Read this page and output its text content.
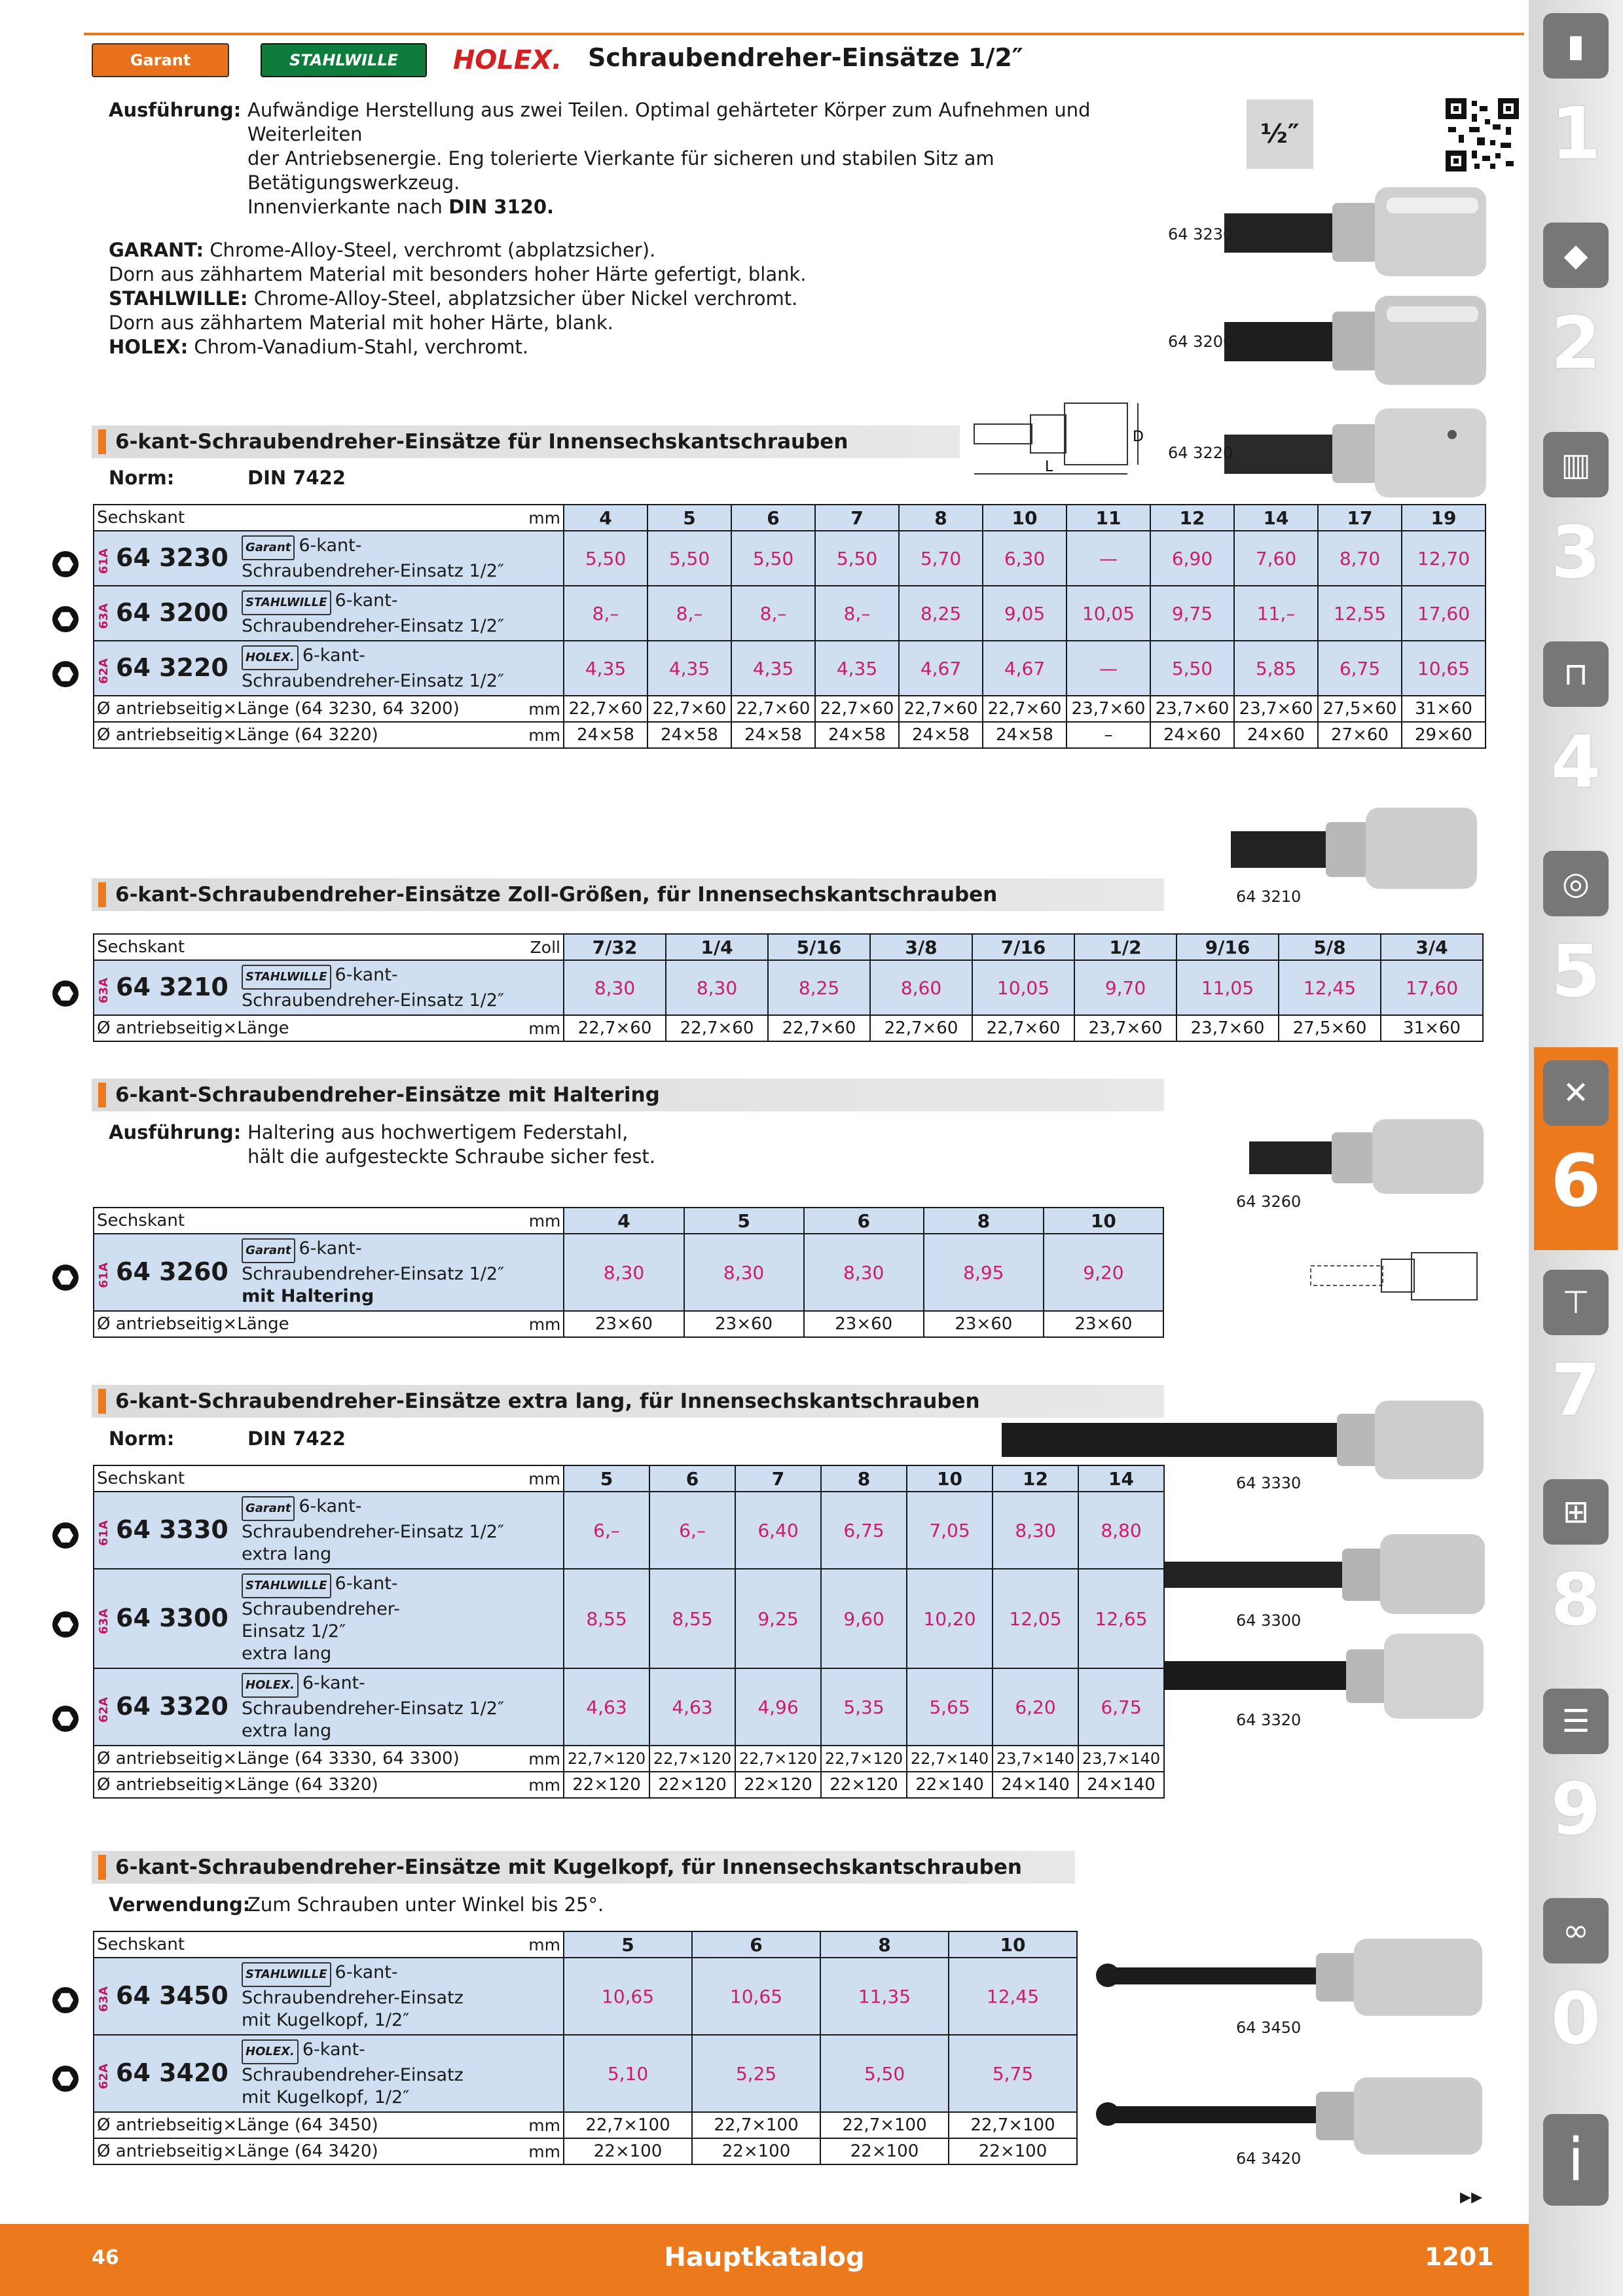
Garant	STAHLWILLE	HOLEX. Schraubendreher-Einsätze 1/2″
Ausführung: Aufwändige Herstellung aus zwei Teilen. Optimal gehärteter Körper zum Aufnehmen und Weiterleiten
der Antriebsenergie. Eng tolerierte Vierkante für sicheren und stabilen Sitz am Betätigungswerkzeug.
Innenvierkante nach DIN 3120.
½″
GARANT: Chrome-Alloy-Steel, verchromt (abplatzsicher).
Dorn aus zähhartem Material mit besonders hoher Härte gefertigt, blank.
STAHLWILLE: Chrome-Alloy-Steel, abplatzsicher über Nickel verchromt.
Dorn aus zähhartem Material mit hoher Härte, blank.
HOLEX: Chrom-Vanadium-Stahl, verchromt.
64 3230
64 3200
64 3220
D
L
6-kant-Schraubendreher-Einsätze für Innensechskantschrauben
Norm:	DIN 7422
Sechskant	mm	4	5	6	7	8	10	11	12	14	17	19
61A 64 3230	Garant 6-kant-
Schraubendreher-Einsatz 1/2″	5,50	5,50	5,50	5,50	5,70	6,30	—	6,90	7,60	8,70	12,70
63A 64 3200	STAHLWILLE 6-kant-
Schraubendreher-Einsatz 1/2″	8,–	8,–	8,–	8,–	8,25	9,05	10,05	9,75	11,–	12,55	17,60
62A 64 3220	HOLEX. 6-kant-
Schraubendreher-Einsatz 1/2″	4,35	4,35	4,35	4,35	4,67	4,67	—	5,50	5,85	6,75	10,65
Ø antriebseitig×Länge (64 3230, 64 3200)	mm	22,7×60	22,7×60	22,7×60	22,7×60	22,7×60	22,7×60	23,7×60	23,7×60	23,7×60	27,5×60	31×60
Ø antriebseitig×Länge (64 3220)	mm	24×58	24×58	24×58	24×58	24×58	24×58	–	24×60	24×60	27×60	29×60
64 3210
6-kant-Schraubendreher-Einsätze Zoll-Größen, für Innensechskantschrauben
Sechskant	Zoll	7/32	1/4	5/16	3/8	7/16	1/2	9/16	5/8	3/4
63A 64 3210	STAHLWILLE 6-kant-
Schraubendreher-Einsatz 1/2″	8,30	8,30	8,25	8,60	10,05	9,70	11,05	12,45	17,60
Ø antriebseitig×Länge	mm	22,7×60	22,7×60	22,7×60	22,7×60	22,7×60	23,7×60	23,7×60	27,5×60	31×60
6-kant-Schraubendreher-Einsätze mit Haltering
Ausführung: Haltering aus hochwertigem Federstahl,
hält die aufgesteckte Schraube sicher fest.
64 3260
Sechskant	mm	4	5	6	8	10
61A 64 3260	Garant 6-kant-
Schraubendreher-Einsatz 1/2″
mit Haltering	8,30	8,30	8,30	8,95	9,20
Ø antriebseitig×Länge	mm	23×60	23×60	23×60	23×60	23×60
6-kant-Schraubendreher-Einsätze extra lang, für Innensechskantschrauben
Norm:	DIN 7422
64 3330
64 3300
64 3320
Sechskant	mm	5	6	7	8	10	12	14
61A 64 3330	Garant 6-kant-
Schraubendreher-Einsatz 1/2″
extra lang	6,–	6,–	6,40	6,75	7,05	8,30	8,80
63A 64 3300	STAHLWILLE 6-kant-
Schraubendreher-
Einsatz 1/2″
extra lang	8,55	8,55	9,25	9,60	10,20	12,05	12,65
62A 64 3320	HOLEX. 6-kant-
Schraubendreher-Einsatz 1/2″
extra lang	4,63	4,63	4,96	5,35	5,65	6,20	6,75
Ø antriebseitig×Länge (64 3330, 64 3300)	mm	22,7×120	22,7×120	22,7×120	22,7×120	22,7×140	23,7×140	23,7×140
Ø antriebseitig×Länge (64 3320)	mm	22×120	22×120	22×120	22×120	22×140	24×140	24×140
6-kant-Schraubendreher-Einsätze mit Kugelkopf, für Innensechskantschrauben
Verwendung:
Zum Schrauben unter Winkel bis 25°.
64 3450
64 3420
Sechskant	mm	5	6	8	10
63A 64 3450	STAHLWILLE 6-kant-
Schraubendreher-Einsatz
mit Kugelkopf, 1/2″	10,65	10,65	11,35	12,45
62A 64 3420	HOLEX. 6-kant-
Schraubendreher-Einsatz
mit Kugelkopf, 1/2″	5,10	5,25	5,50	5,75
Ø antriebseitig×Länge (64 3450)	mm	22,7×100	22,7×100	22,7×100	22,7×100
Ø antriebseitig×Länge (64 3420)	mm	22×100	22×100	22×100	22×100
▸▸
▮
1
◆
2
▥
3
⊓
4
◎
5
✕
6
⊤
7
⊞
8
☰
9
∞
0
i
46	Hauptkatalog	1201
